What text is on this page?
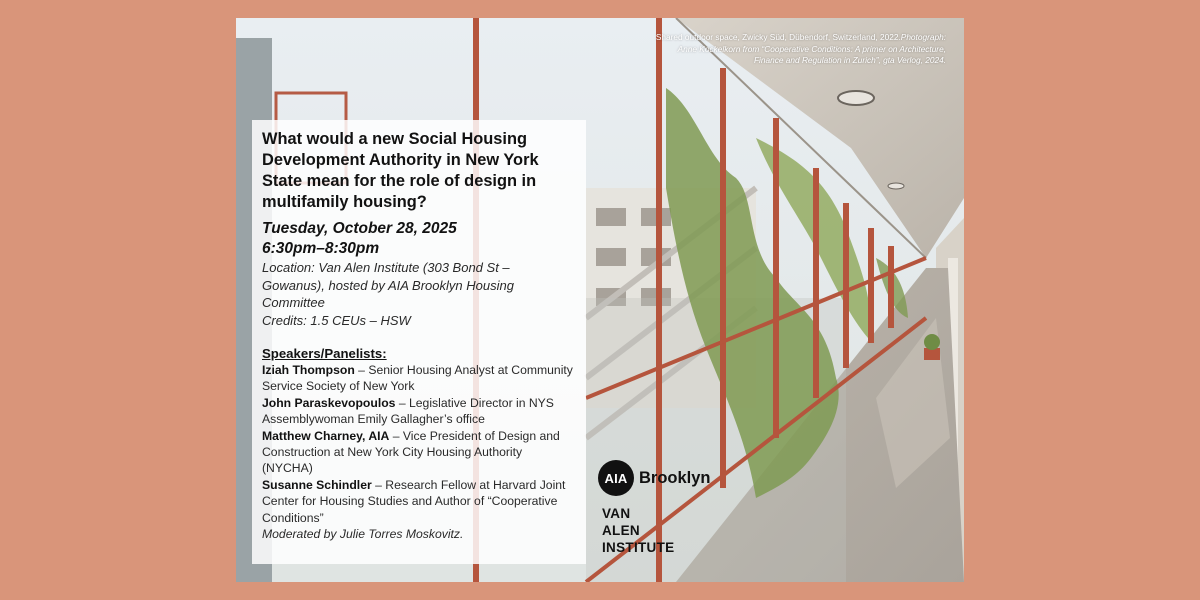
Shared outdoor space, Zwicky Süd, Dübendorf, Switzerland, 2022.Photograph: Anne Kockelkorn from “Cooperative Conditions: A primer on Architecture, Finance and Regulation in Zurich”, gta Verlog, 2024.
What would a new Social Housing Development Authority in New York State mean for the role of design in multifamily housing?
Tuesday, October 28, 2025
6:30pm–8:30pm
Location: Van Alen Institute (303 Bond St – Gowanus), hosted by AIA Brooklyn Housing Committee
Credits: 1.5 CEUs – HSW
Speakers/Panelists:
Iziah Thompson – Senior Housing Analyst at Community Service Society of New York
John Paraskevopoulos – Legislative Director in NYS Assemblywoman Emily Gallagher’s office
Matthew Charney, AIA – Vice President of Design and Construction at New York City Housing Authority (NYCHA)
Susanne Schindler – Research Fellow at Harvard Joint Center for Housing Studies and Author of “Cooperative Conditions”
Moderated by Julie Torres Moskovitz.
AIA Brooklyn
VAN
ALEN
INSTITUTE
